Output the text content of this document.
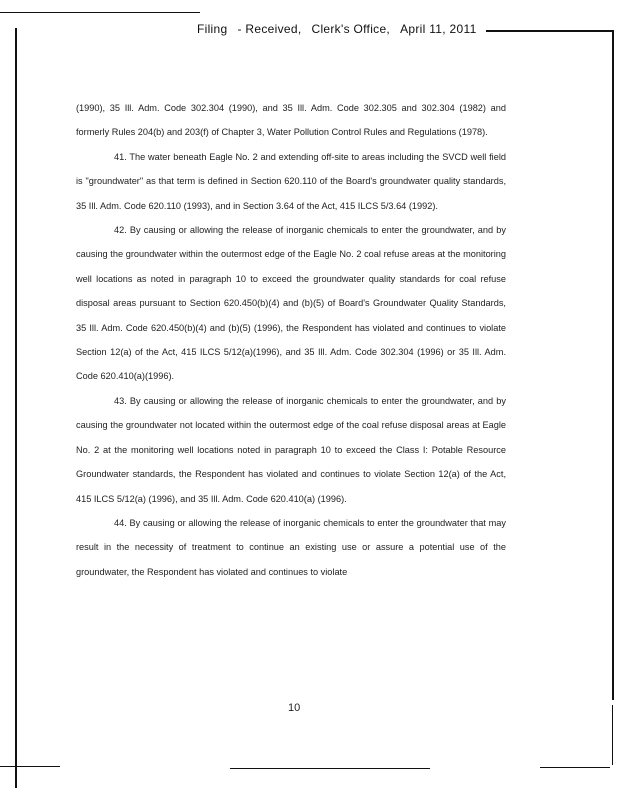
Filing - Received, Clerk's Office, April 11, 2011

(1990), 35 Ill. Adm. Code 302.304 (1990), and 35 Ill. Adm. Code 302.305 and 302.304 (1982) and formerly Rules 204(b) and 203(f) of Chapter 3, Water Pollution Control Rules and Regulations (1978).

41. The water beneath Eagle No. 2 and extending off-site to areas including the SVCD well field is "groundwater" as that term is defined in Section 620.110 of the Board's groundwater quality standards, 35 Ill. Adm. Code 620.110 (1993), and in Section 3.64 of the Act, 415 ILCS 5/3.64 (1992).

42. By causing or allowing the release of inorganic chemicals to enter the groundwater, and by causing the groundwater within the outermost edge of the Eagle No. 2 coal refuse areas at the monitoring well locations as noted in paragraph 10 to exceed the groundwater quality standards for coal refuse disposal areas pursuant to Section 620.450(b)(4) and (b)(5) of Board's Groundwater Quality Standards, 35 Ill. Adm. Code 620.450(b)(4) and (b)(5) (1996), the Respondent has violated and continues to violate Section 12(a) of the Act, 415 ILCS 5/12(a)(1996), and 35 Ill. Adm. Code 302.304 (1996) or 35 Ill. Adm. Code 620.410(a)(1996).

43. By causing or allowing the release of inorganic chemicals to enter the groundwater, and by causing the groundwater not located within the outermost edge of the coal refuse disposal areas at Eagle No. 2 at the monitoring well locations noted in paragraph 10 to exceed the Class I: Potable Resource Groundwater standards, the Respondent has violated and continues to violate Section 12(a) of the Act, 415 ILCS 5/12(a) (1996), and 35 Ill. Adm. Code 620.410(a) (1996).

44. By causing or allowing the release of inorganic chemicals to enter the groundwater that may result in the necessity of treatment to continue an existing use or assure a potential use of the groundwater, the Respondent has violated and continues to violate

10
